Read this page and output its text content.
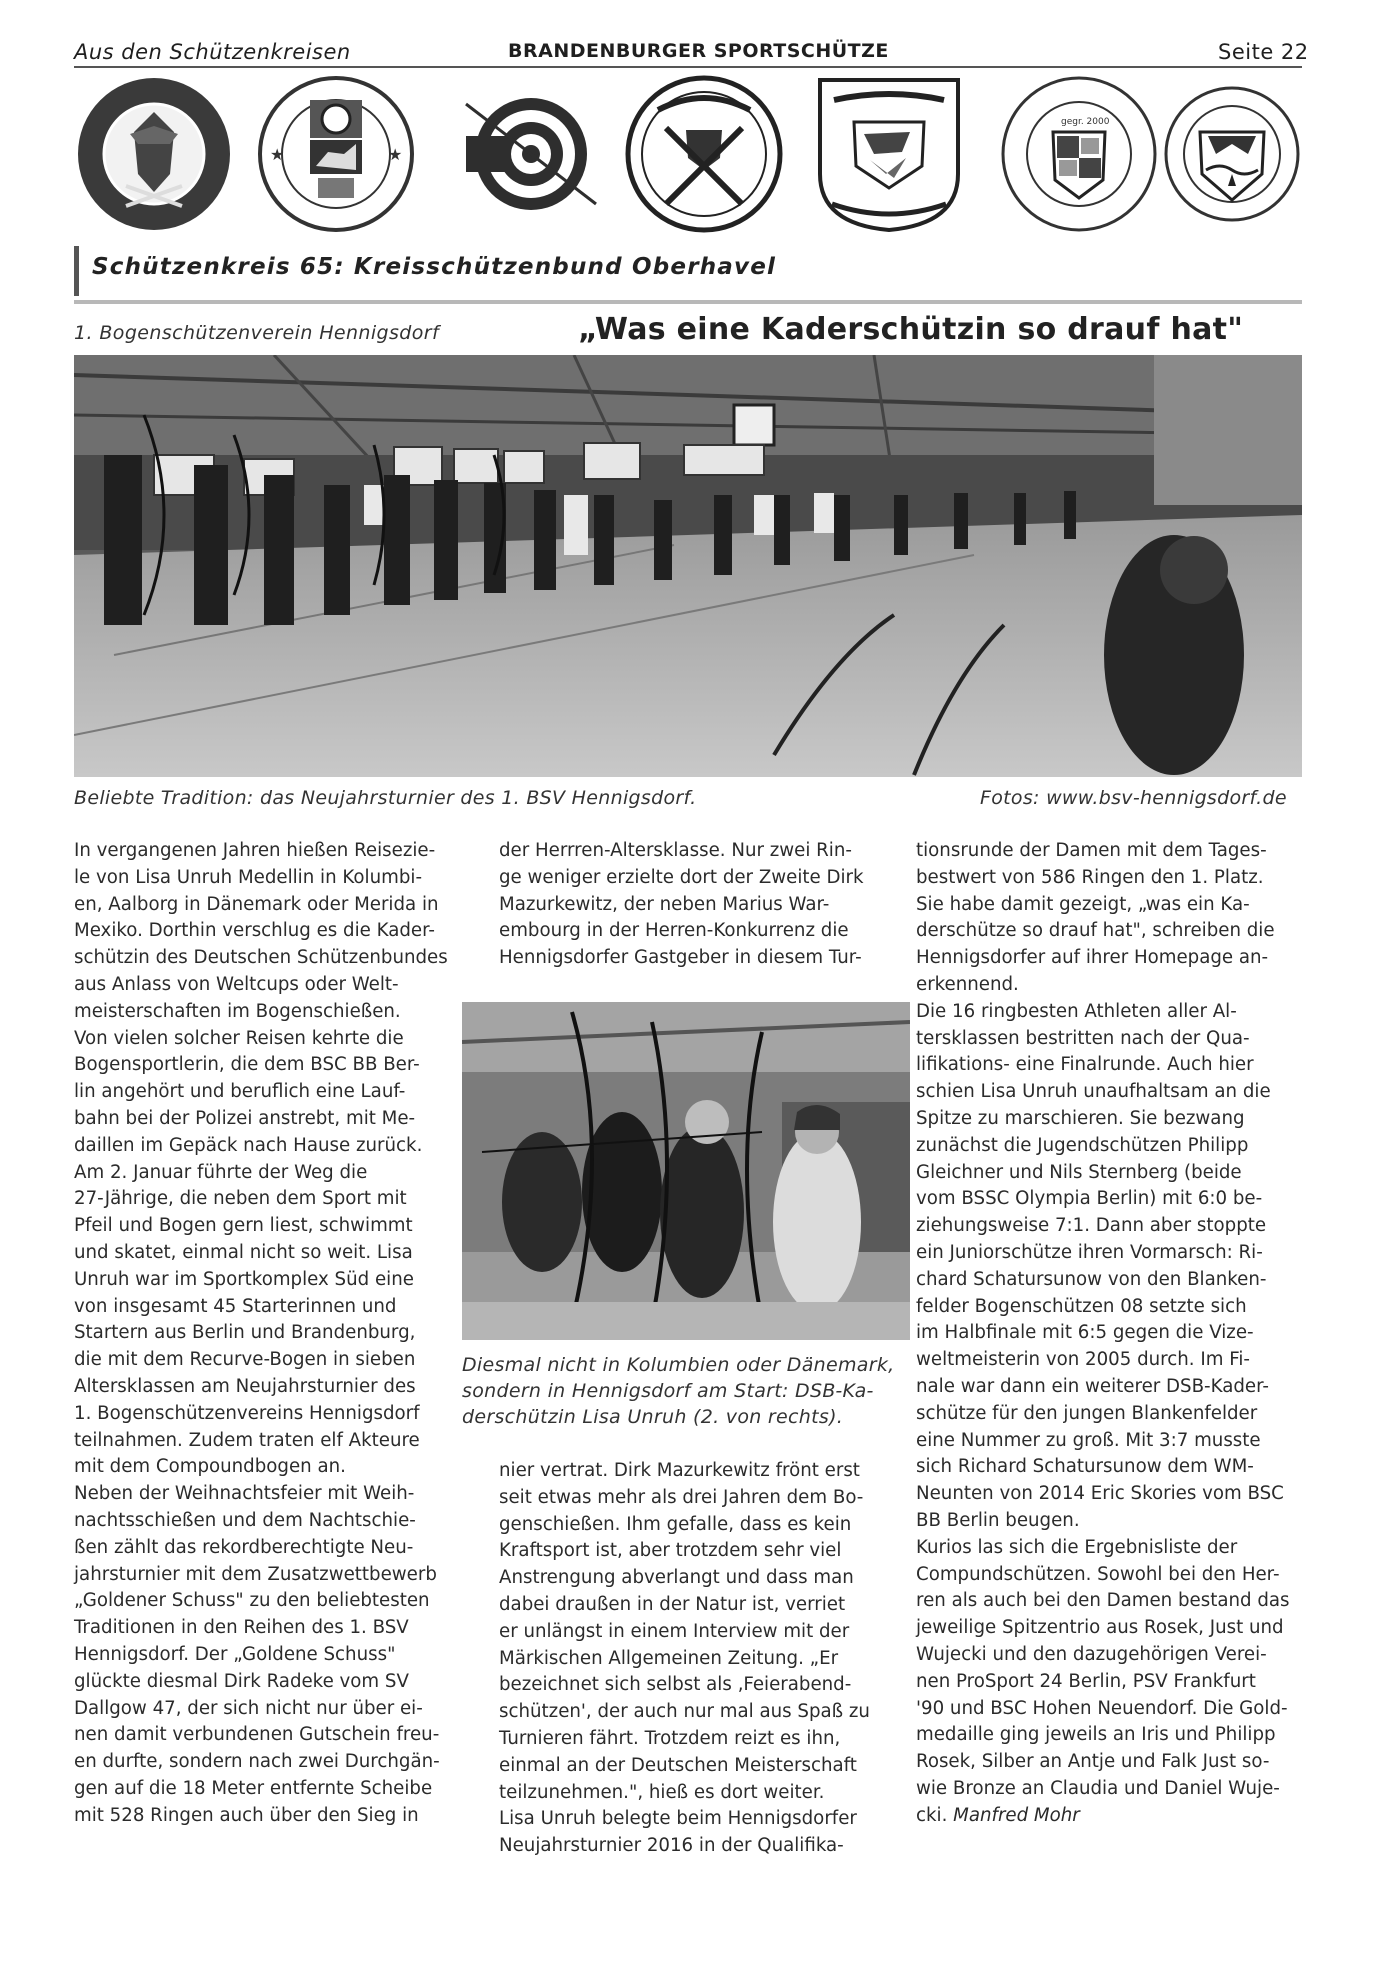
Aus den Schützenkreisen	BRANDENBURGER SPORTSCHÜTZE	Seite 22
★	★
gegr. 2000
Schützenkreis 65: Kreisschützenbund Oberhavel
1. Bogenschützenverein Hennigsdorf	„Was eine Kaderschützin so drauf hat"
Beliebte Tradition: das Neujahrsturnier des 1. BSV Hennigsdorf.	Fotos: www.bsv-hennigsdorf.de
In vergangenen Jahren hießen Reisezie-
le von Lisa Unruh Medellin in Kolumbi-
en, Aalborg in Dänemark oder Merida in
Mexiko. Dorthin verschlug es die Kader-
schützin des Deutschen Schützenbundes
aus Anlass von Weltcups oder Welt-
meisterschaften im Bogenschießen.
Von vielen solcher Reisen kehrte die
Bogensportlerin, die dem BSC BB Ber-
lin angehört und beruflich eine Lauf-
bahn bei der Polizei anstrebt, mit Me-
daillen im Gepäck nach Hause zurück.
Am 2. Januar führte der Weg die
27-Jährige, die neben dem Sport mit
Pfeil und Bogen gern liest, schwimmt
und skatet, einmal nicht so weit. Lisa
Unruh war im Sportkomplex Süd eine
von insgesamt 45 Starterinnen und
Startern aus Berlin und Brandenburg,
die mit dem Recurve-Bogen in sieben
Altersklassen am Neujahrsturnier des
1. Bogenschützenvereins Hennigsdorf
teilnahmen. Zudem traten elf Akteure
mit dem Compoundbogen an.
Neben der Weihnachtsfeier mit Weih-
nachtsschießen und dem Nachtschie-
ßen zählt das rekordberechtigte Neu-
jahrsturnier mit dem Zusatzwettbewerb
„Goldener Schuss" zu den beliebtesten
Traditionen in den Reihen des 1. BSV
Hennigsdorf. Der „Goldene Schuss"
glückte diesmal Dirk Radeke vom SV
Dallgow 47, der sich nicht nur über ei-
nen damit verbundenen Gutschein freu-
en durfte, sondern nach zwei Durchgän-
gen auf die 18 Meter entfernte Scheibe
mit 528 Ringen auch über den Sieg in
der Herrren-Altersklasse. Nur zwei Rin-
ge weniger erzielte dort der Zweite Dirk
Mazurkewitz, der neben Marius War-
embourg in der Herren-Konkurrenz die
Hennigsdorfer Gastgeber in diesem Tur-
Diesmal nicht in Kolumbien oder Dänemark,
sondern in Hennigsdorf am Start: DSB-Ka-
derschützin Lisa Unruh (2. von rechts).
nier vertrat. Dirk Mazurkewitz frönt erst
seit etwas mehr als drei Jahren dem Bo-
genschießen. Ihm gefalle, dass es kein
Kraftsport ist, aber trotzdem sehr viel
Anstrengung abverlangt und dass man
dabei draußen in der Natur ist, verriet
er unlängst in einem Interview mit der
Märkischen Allgemeinen Zeitung. „Er
bezeichnet sich selbst als ‚Feierabend-
schützen', der auch nur mal aus Spaß zu
Turnieren fährt. Trotzdem reizt es ihn,
einmal an der Deutschen Meisterschaft
teilzunehmen.", hieß es dort weiter.
Lisa Unruh belegte beim Hennigsdorfer
Neujahrsturnier 2016 in der Qualifika-
tionsrunde der Damen mit dem Tages-
bestwert von 586 Ringen den 1. Platz.
Sie habe damit gezeigt, „was ein Ka-
derschütze so drauf hat", schreiben die
Hennigsdorfer auf ihrer Homepage an-
erkennend.
Die 16 ringbesten Athleten aller Al-
tersklassen bestritten nach der Qua-
lifikations- eine Finalrunde. Auch hier
schien Lisa Unruh unaufhaltsam an die
Spitze zu marschieren. Sie bezwang
zunächst die Jugendschützen Philipp
Gleichner und Nils Sternberg (beide
vom BSSC Olympia Berlin) mit 6:0 be-
ziehungsweise 7:1. Dann aber stoppte
ein Juniorschütze ihren Vormarsch: Ri-
chard Schatursunow von den Blanken-
felder Bogenschützen 08 setzte sich
im Halbfinale mit 6:5 gegen die Vize-
weltmeisterin von 2005 durch. Im Fi-
nale war dann ein weiterer DSB-Kader-
schütze für den jungen Blankenfelder
eine Nummer zu groß. Mit 3:7 musste
sich Richard Schatursunow dem WM-
Neunten von 2014 Eric Skories vom BSC
BB Berlin beugen.
Kurios las sich die Ergebnisliste der
Compundschützen. Sowohl bei den Her-
ren als auch bei den Damen bestand das
jeweilige Spitzentrio aus Rosek, Just und
Wujecki und den dazugehörigen Verei-
nen ProSport 24 Berlin, PSV Frankfurt
'90 und BSC Hohen Neuendorf. Die Gold-
medaille ging jeweils an Iris und Philipp
Rosek, Silber an Antje und Falk Just so-
wie Bronze an Claudia und Daniel Wuje-
cki. Manfred Mohr
